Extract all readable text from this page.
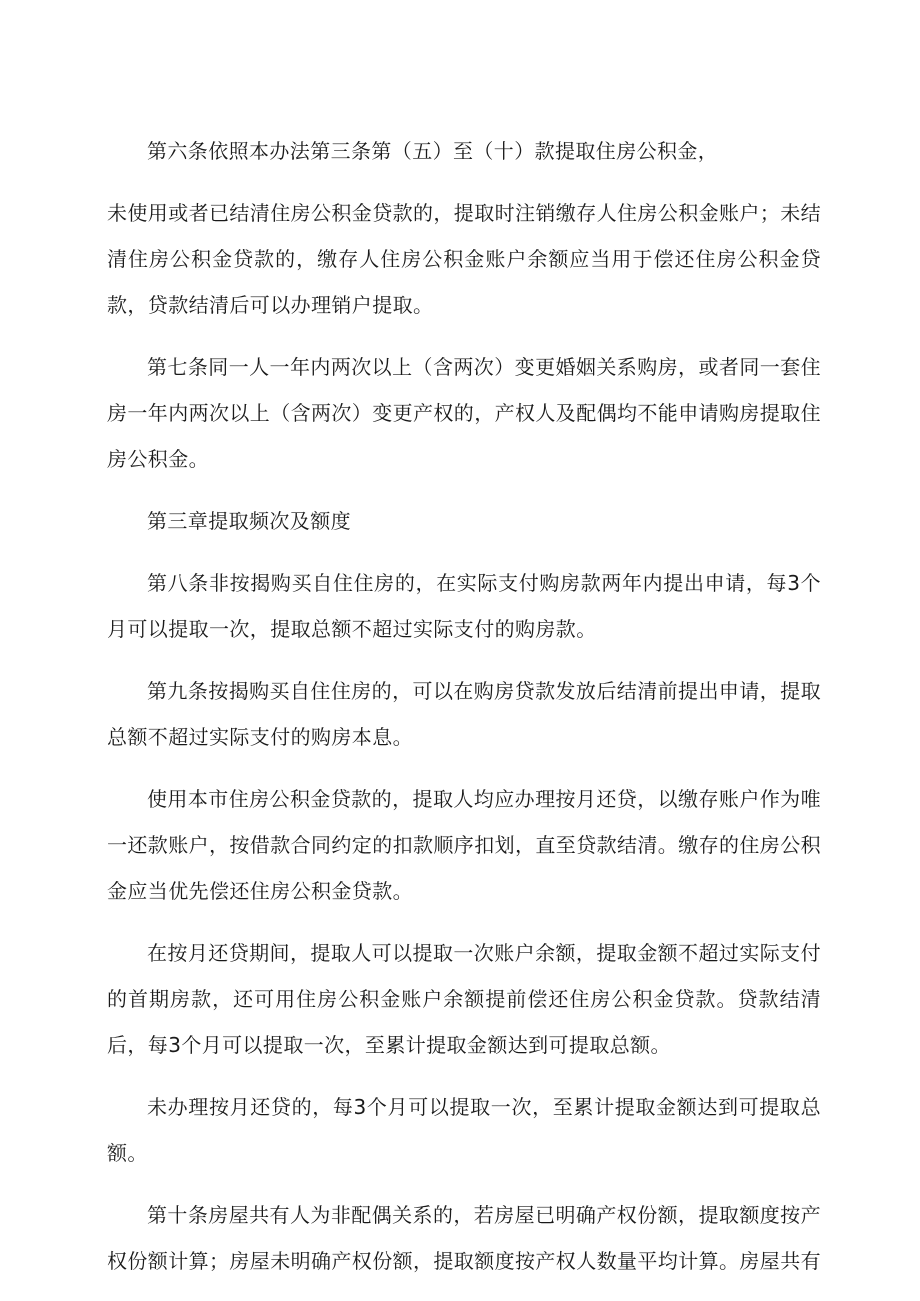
第六条依照本办法第三条第（五）至（十）款提取住房公积金，

未使用或者已结清住房公积金贷款的，提取时注销缴存人住房公积金账户；未结清住房公积金贷款的，缴存人住房公积金账户余额应当用于偿还住房公积金贷款，贷款结清后可以办理销户提取。

第七条同一人一年内两次以上（含两次）变更婚姻关系购房，或者同一套住房一年内两次以上（含两次）变更产权的，产权人及配偶均不能申请购房提取住房公积金。

第三章提取频次及额度

第八条非按揭购买自住住房的，在实际支付购房款两年内提出申请，每3个月可以提取一次，提取总额不超过实际支付的购房款。

第九条按揭购买自住住房的，可以在购房贷款发放后结清前提出申请，提取总额不超过实际支付的购房本息。

使用本市住房公积金贷款的，提取人均应办理按月还贷，以缴存账户作为唯一还款账户，按借款合同约定的扣款顺序扣划，直至贷款结清。缴存的住房公积金应当优先偿还住房公积金贷款。

在按月还贷期间，提取人可以提取一次账户余额，提取金额不超过实际支付的首期房款，还可用住房公积金账户余额提前偿还住房公积金贷款。贷款结清后，每3个月可以提取一次，至累计提取金额达到可提取总额。

未办理按月还贷的，每3个月可以提取一次，至累计提取金额达到可提取总额。

第十条房屋共有人为非配偶关系的，若房屋已明确产权份额，提取额度按产权份额计算；房屋未明确产权份额，提取额度按产权人数量平均计算。房屋共有
